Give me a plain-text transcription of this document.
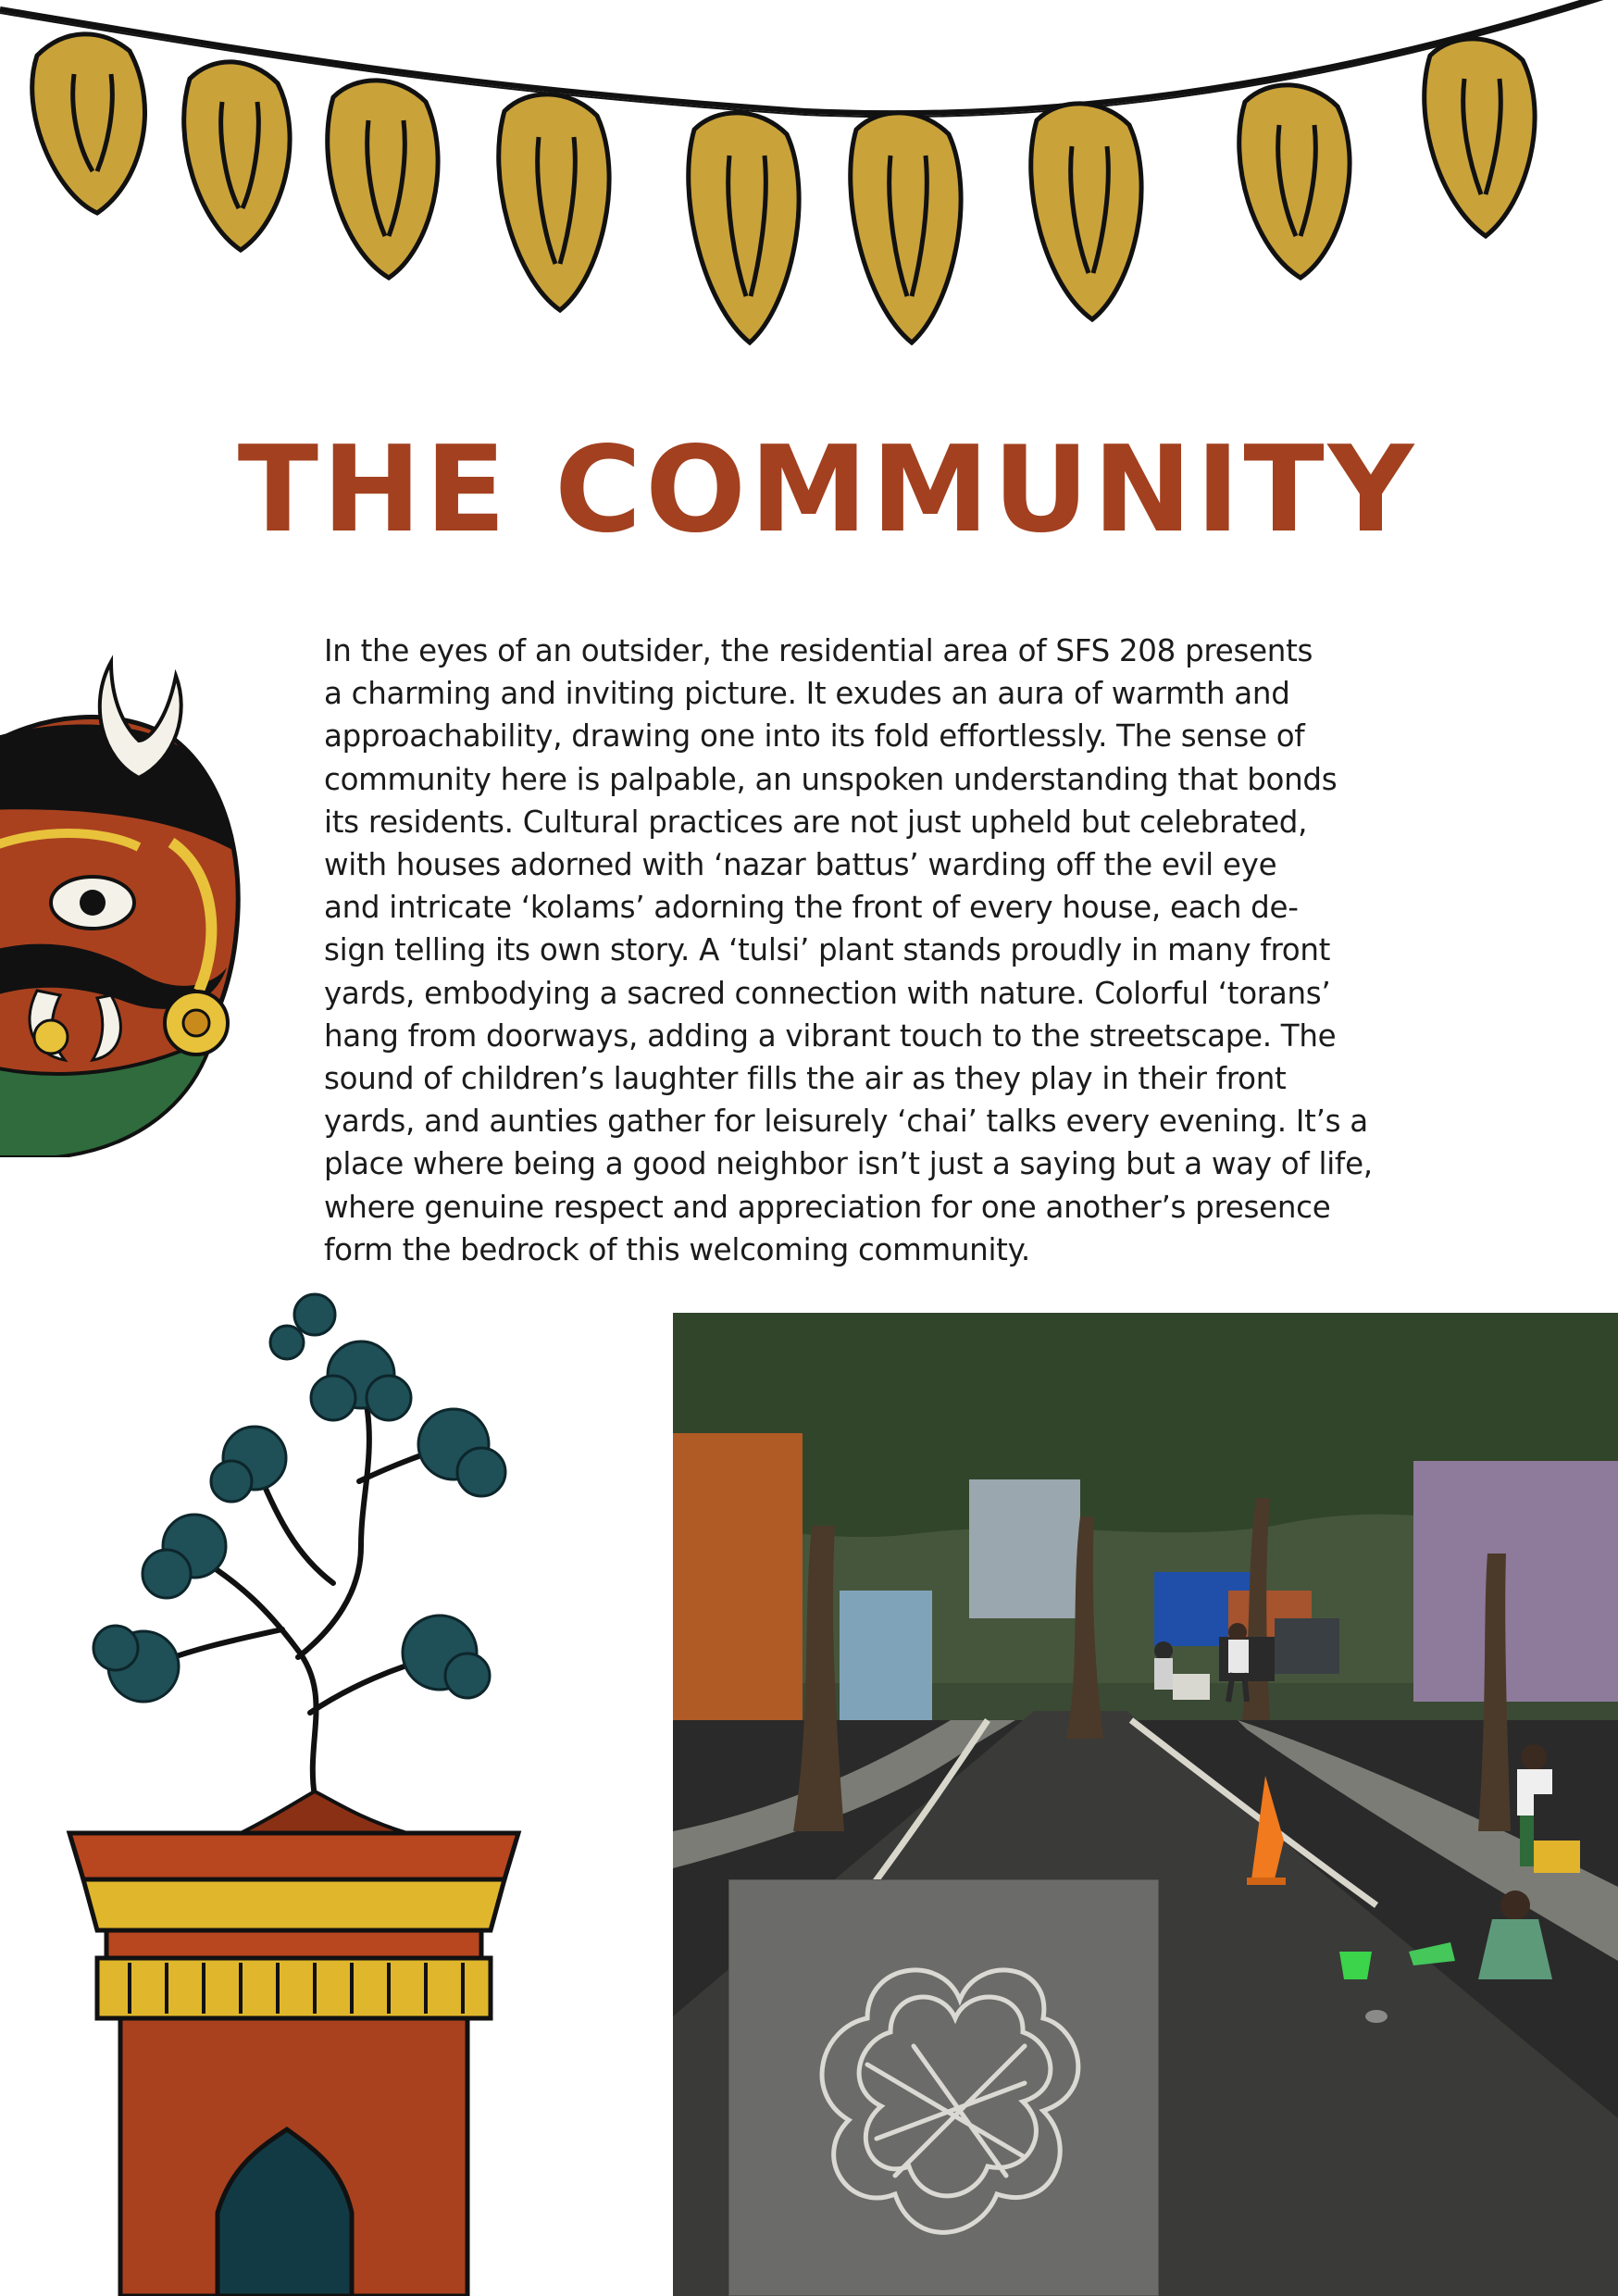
THE COMMUNITY

In the eyes of an outsider, the residential area of SFS 208 presents
a charming and inviting picture. It exudes an aura of warmth and
approachability, drawing one into its fold effortlessly. The sense of
community here is palpable, an unspoken understanding that bonds
its residents. Cultural practices are not just upheld but celebrated,
with houses adorned with ‘nazar battus’ warding off the evil eye
and intricate ‘kolams’ adorning the front of every house, each de-
sign telling its own story. A ‘tulsi’ plant stands proudly in many front
yards, embodying a sacred connection with nature. Colorful ‘torans’
hang from doorways, adding a vibrant touch to the streetscape. The
sound of children’s laughter fills the air as they play in their front
yards, and aunties gather for leisurely ‘chai’ talks every evening. It’s a
place where being a good neighbor isn’t just a saying but a way of life,
where genuine respect and appreciation for one another’s presence
form the bedrock of this welcoming community.
